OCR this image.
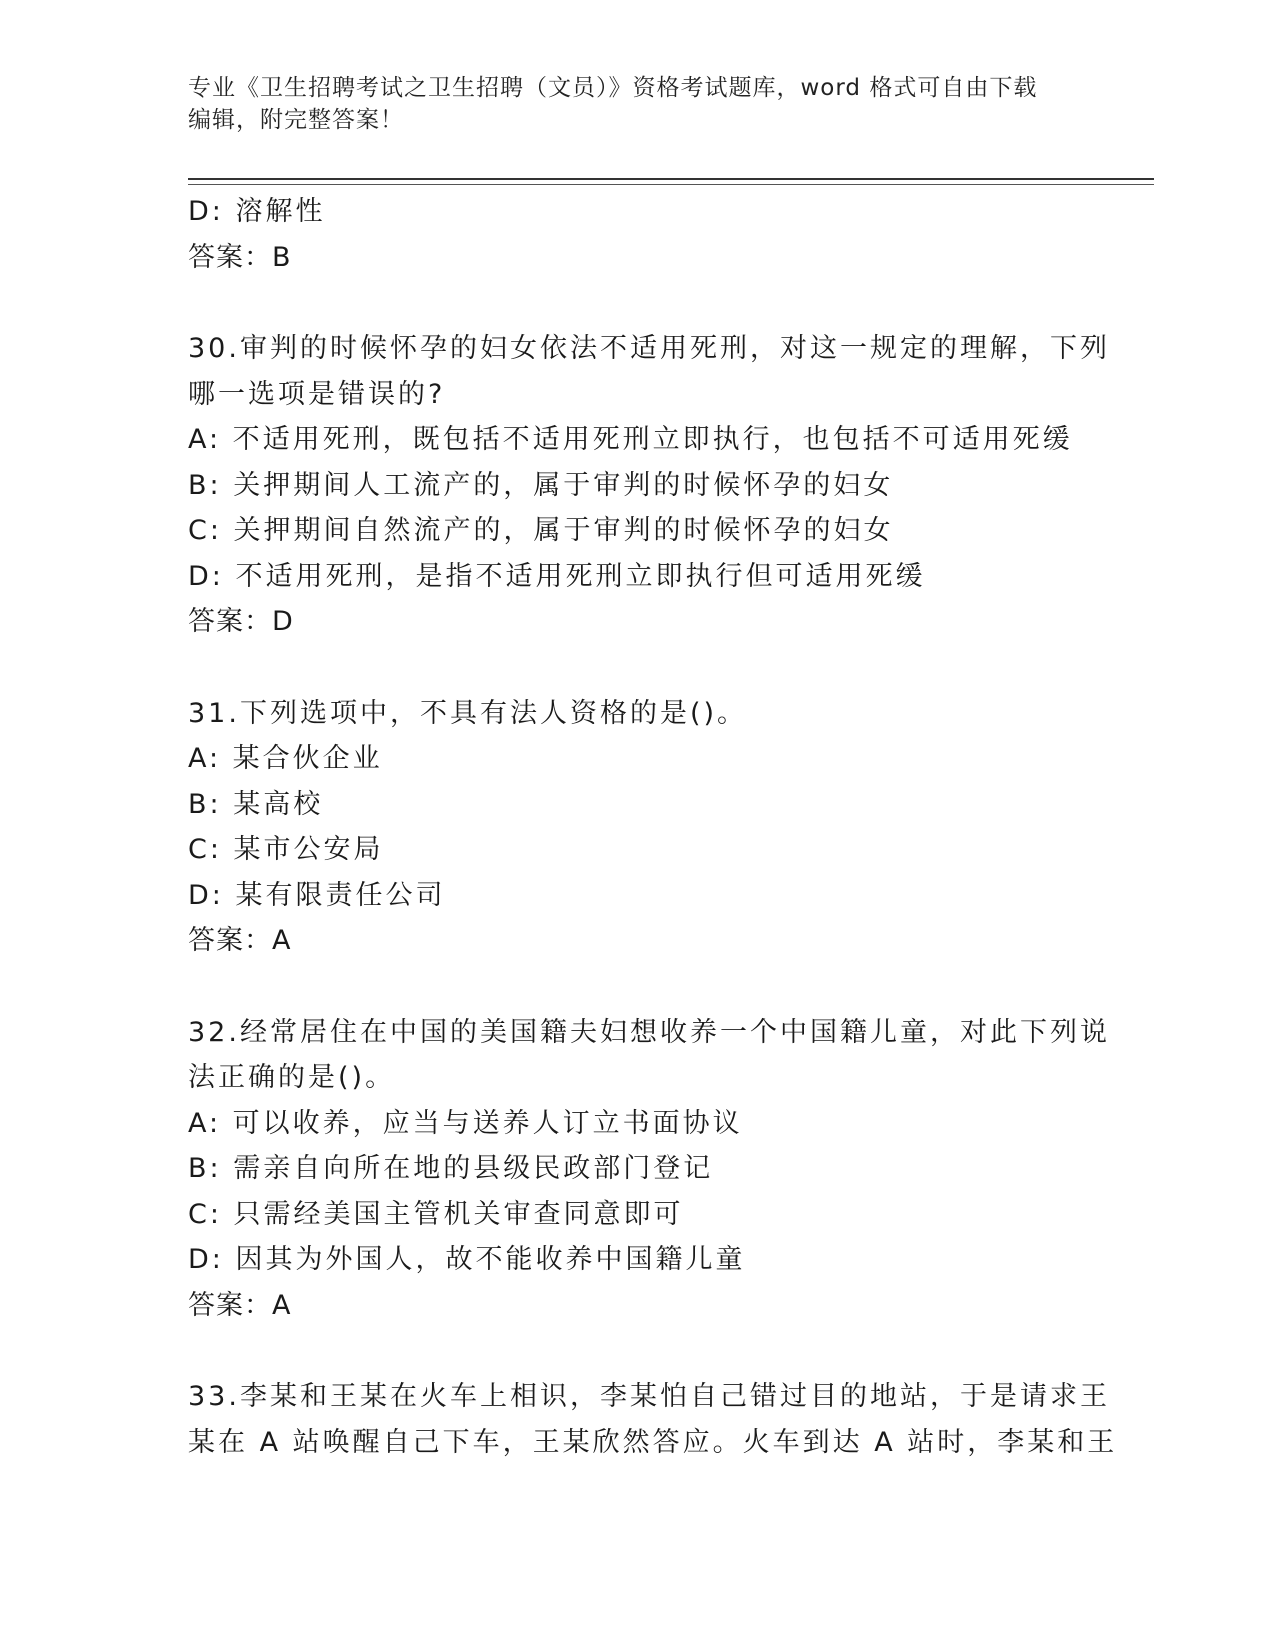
专业《卫生招聘考试之卫生招聘（文员）》资格考试题库，word 格式可自由下载
编辑，附完整答案！
D: 溶解性
答案：B
30.审判的时候怀孕的妇女依法不适用死刑，对这一规定的理解，下列
哪一选项是错误的?
A: 不适用死刑，既包括不适用死刑立即执行，也包括不可适用死缓
B: 关押期间人工流产的，属于审判的时候怀孕的妇女
C: 关押期间自然流产的，属于审判的时候怀孕的妇女
D: 不适用死刑，是指不适用死刑立即执行但可适用死缓
答案：D
31.下列选项中，不具有法人资格的是()。
A: 某合伙企业
B: 某高校
C: 某市公安局
D: 某有限责任公司
答案：A
32.经常居住在中国的美国籍夫妇想收养一个中国籍儿童，对此下列说
法正确的是()。
A: 可以收养，应当与送养人订立书面协议
B: 需亲自向所在地的县级民政部门登记
C: 只需经美国主管机关审查同意即可
D: 因其为外国人，故不能收养中国籍儿童
答案：A
33.李某和王某在火车上相识，李某怕自己错过目的地站，于是请求王
某在 A 站唤醒自己下车，王某欣然答应。火车到达 A 站时，李某和王
